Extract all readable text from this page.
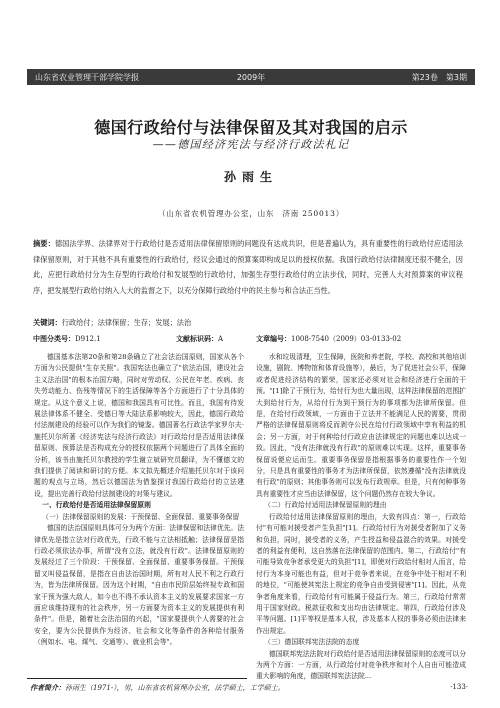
山东省农业管理干部学院学报	2009年	第23卷　第3期
德国行政给付与法律保留及其对我国的启示
——德国经济宪法与经济行政法札记
孙雨生
（山东省农机管理办公室，山东　济南 250013）
摘要：德国法学界、法律界对于行政给付是否适用法律保留原则的问题没有达成共识，但是普遍认为，具有重要性的行政给付应适用法律保留原则，对于其他不具有重要性的行政给付，经议会通过的预算案即构成足以的授权依据。我国行政给付法律制度还很不健全，因此，应把行政给付分为生存型的行政给付和发展型的行政给付，加强生存型行政给付的立法步伐，同时，完善人大对预算案的审议程序，把发展型行政给付纳入人大的监督之下，以充分保障行政给付中的民主参与和合法正当性。
关键词：行政给付；法律保留；生存；发展；法治
中图分类号：D912.1	文献标识码：A	文章编号：1008-7540（2009）03-0133-02

德国基本法第20条和第28条确立了社会法治国原则，国家从各个方面为公民提供"生存关照"。我国宪法也确立了"依法治国，建设社会主义法治国"的根本治国方略，同时对劳动权、公民在年老、疾病、丧失劳动能力、伤残等情况下的生活保障等各个方面进行了十分具体的规定。从这个意义上说，德国和我国具有可比性。而且，我国有待发展法律体系不健全、受德日等大陆法系影响较大，因此，德国行政给付法制建设的经验可以作为我们的镜鉴。德国著名行政法学家罗尔夫·施托贝尔所著《经济宪法与经济行政法》对行政给付是否适用法律保留原则、预算法是否构成充分的授权依据两个问题进行了具体全面的分析，该书由施托贝尔教授的学生谢立斌研究员翻译，为不懂德文的我们提供了阅读和研讨的方便。本文拟先概述介绍施托贝尔对于该问题的观点与立场，然后以德国法为借鉴探讨我国行政给付的立法建设，提出完善行政给付法制建设的对策与建议。

一、行政给付是否适用法律保留原则

（一）法律保留原则的发展：干预保留、全面保留、重要事务保留

德国的法治国原则具体可分为两个方面：法律保留和法律优先。法律优先是指立法对行政优先，行政不能与立法相抵触；法律保留是指行政必须依法办事，所谓"没有立法，就没有行政"。法律保留原则的发展经过了三个阶段：干预保留、全面保留、重要事务保留。干预保留又叫侵益保留，是指在自由法治国时期，所有对人民不利之行政行为，皆为法律所保留。因为这个时期，"自由市民阶层始终视专政和国家干预为强大敌人，如今也不得不承认资本主义的发展要求国家一方面应该维持现有的社会秩序，另一方面要为资本主义的发展提供有利条件"。但是，随着社会法治国的兴起，"国家要提供个人需要的社会安全，要为公民提供作为经济、社会和文化等条件的各种给付服务（例如水、电、煤气、交通等）、就业机会等"。

水和垃圾清理，卫生保障，医院和养老院，学校、高校和其他培训设施，剧院、博物馆和体育设施等），最后，为了促进社会公平，保障或者促进经济结构的繁荣，国家还必须对社会和经济进行全面的干预。"[1]除了干预行为，给付行为也大量出现，这样法律保留的范围扩大到给付行为，从给付行为到干预行为的事项都为法律所保留。但是，在给付行政领域，一方面由于立法并不能满足人民的需要，贯彻严格的法律保留原则将反而剥夺公民在给付行政领域中享有利益的机会；另一方面，对于何种给付行政应由法律规定的问题也难以达成一致。因此，"没有法律就没有行政"的原则难以实现。这样，重要事务保留说便应运而生。重要事务保留是指根据事务的重要性作一个划分，只是具有重要性的事务才为法律所保留，依然遵循"没有法律就没有行政"的原则；其他事务则可以发布行政规章。但是，只有何种事务具有重要性才应当由法律保留，这个问题仍然存在较大争议。

（二）行政给付适用法律保留原则的理由

行政给付适用法律保留原则的理由，大致有四点：第一，行政给付"有可能对援受者产生负担"[1]。行政给付行为对援受者附加了义务和负担，同时，援受者的义务，产生授益和侵益混合的效果。对援受者的利益有便利，这自然落在法律保留的范围内。第二，行政给付"有可能导致竞争者承受更大的负担"[1]，即使对行政给付相对人而言，给付行为本身可能也有益，但对于竞争者来说，在竞争中处于相对不利的地位，"可能使其宪法上规定的竞争自由受到侵害"[1]。因此，从竞争者角度来看，行政给付有可能属于侵益行为。第三，行政给付常常用于国家财政。税款征收和支出均由法律规定。第四，行政给付涉及平等问题。[1]平等权是基本人权，涉及基本人权的事务必须由法律来作出规定。

（三）德国联邦宪法法院的态度

德国联邦宪法法院对行政给付是否适用法律保留原则的态度可以分为两个方面：一方面，从行政给付对竞争秩序和对个人自由可能造成重大影响的角度，德国联邦宪法法院...

作者简介：孙雨生（1971-），男，山东省农机管理办公室，法学硕士，工学硕士。	·133·
